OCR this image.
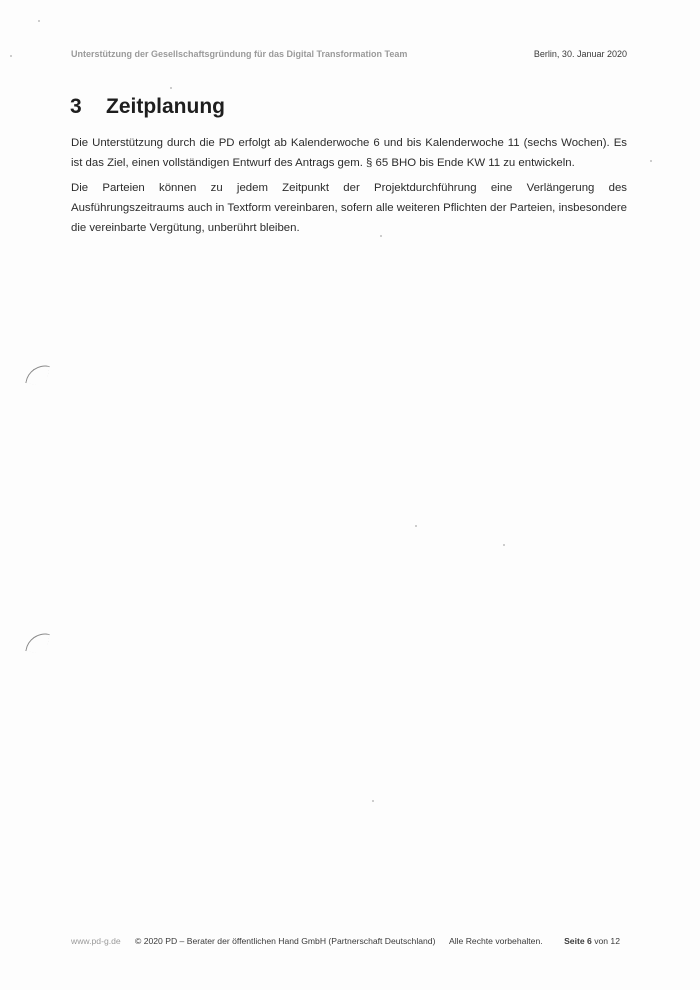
Unterstützung der Gesellschaftsgründung für das Digital Transformation Team	Berlin, 30. Januar 2020
3 Zeitplanung
Die Unterstützung durch die PD erfolgt ab Kalenderwoche 6 und bis Kalenderwoche 11 (sechs Wochen). Es ist das Ziel, einen vollständigen Entwurf des Antrags gem. § 65 BHO bis Ende KW 11 zu entwickeln.
Die Parteien können zu jedem Zeitpunkt der Projektdurchführung eine Verlängerung des Ausführungszeitraums auch in Textform vereinbaren, sofern alle weiteren Pflichten der Parteien, insbesondere die vereinbarte Vergütung, unberührt bleiben.
www.pd-g.de © 2020 PD – Berater der öffentlichen Hand GmbH (Partnerschaft Deutschland) Alle Rechte vorbehalten. Seite 6 von 12
